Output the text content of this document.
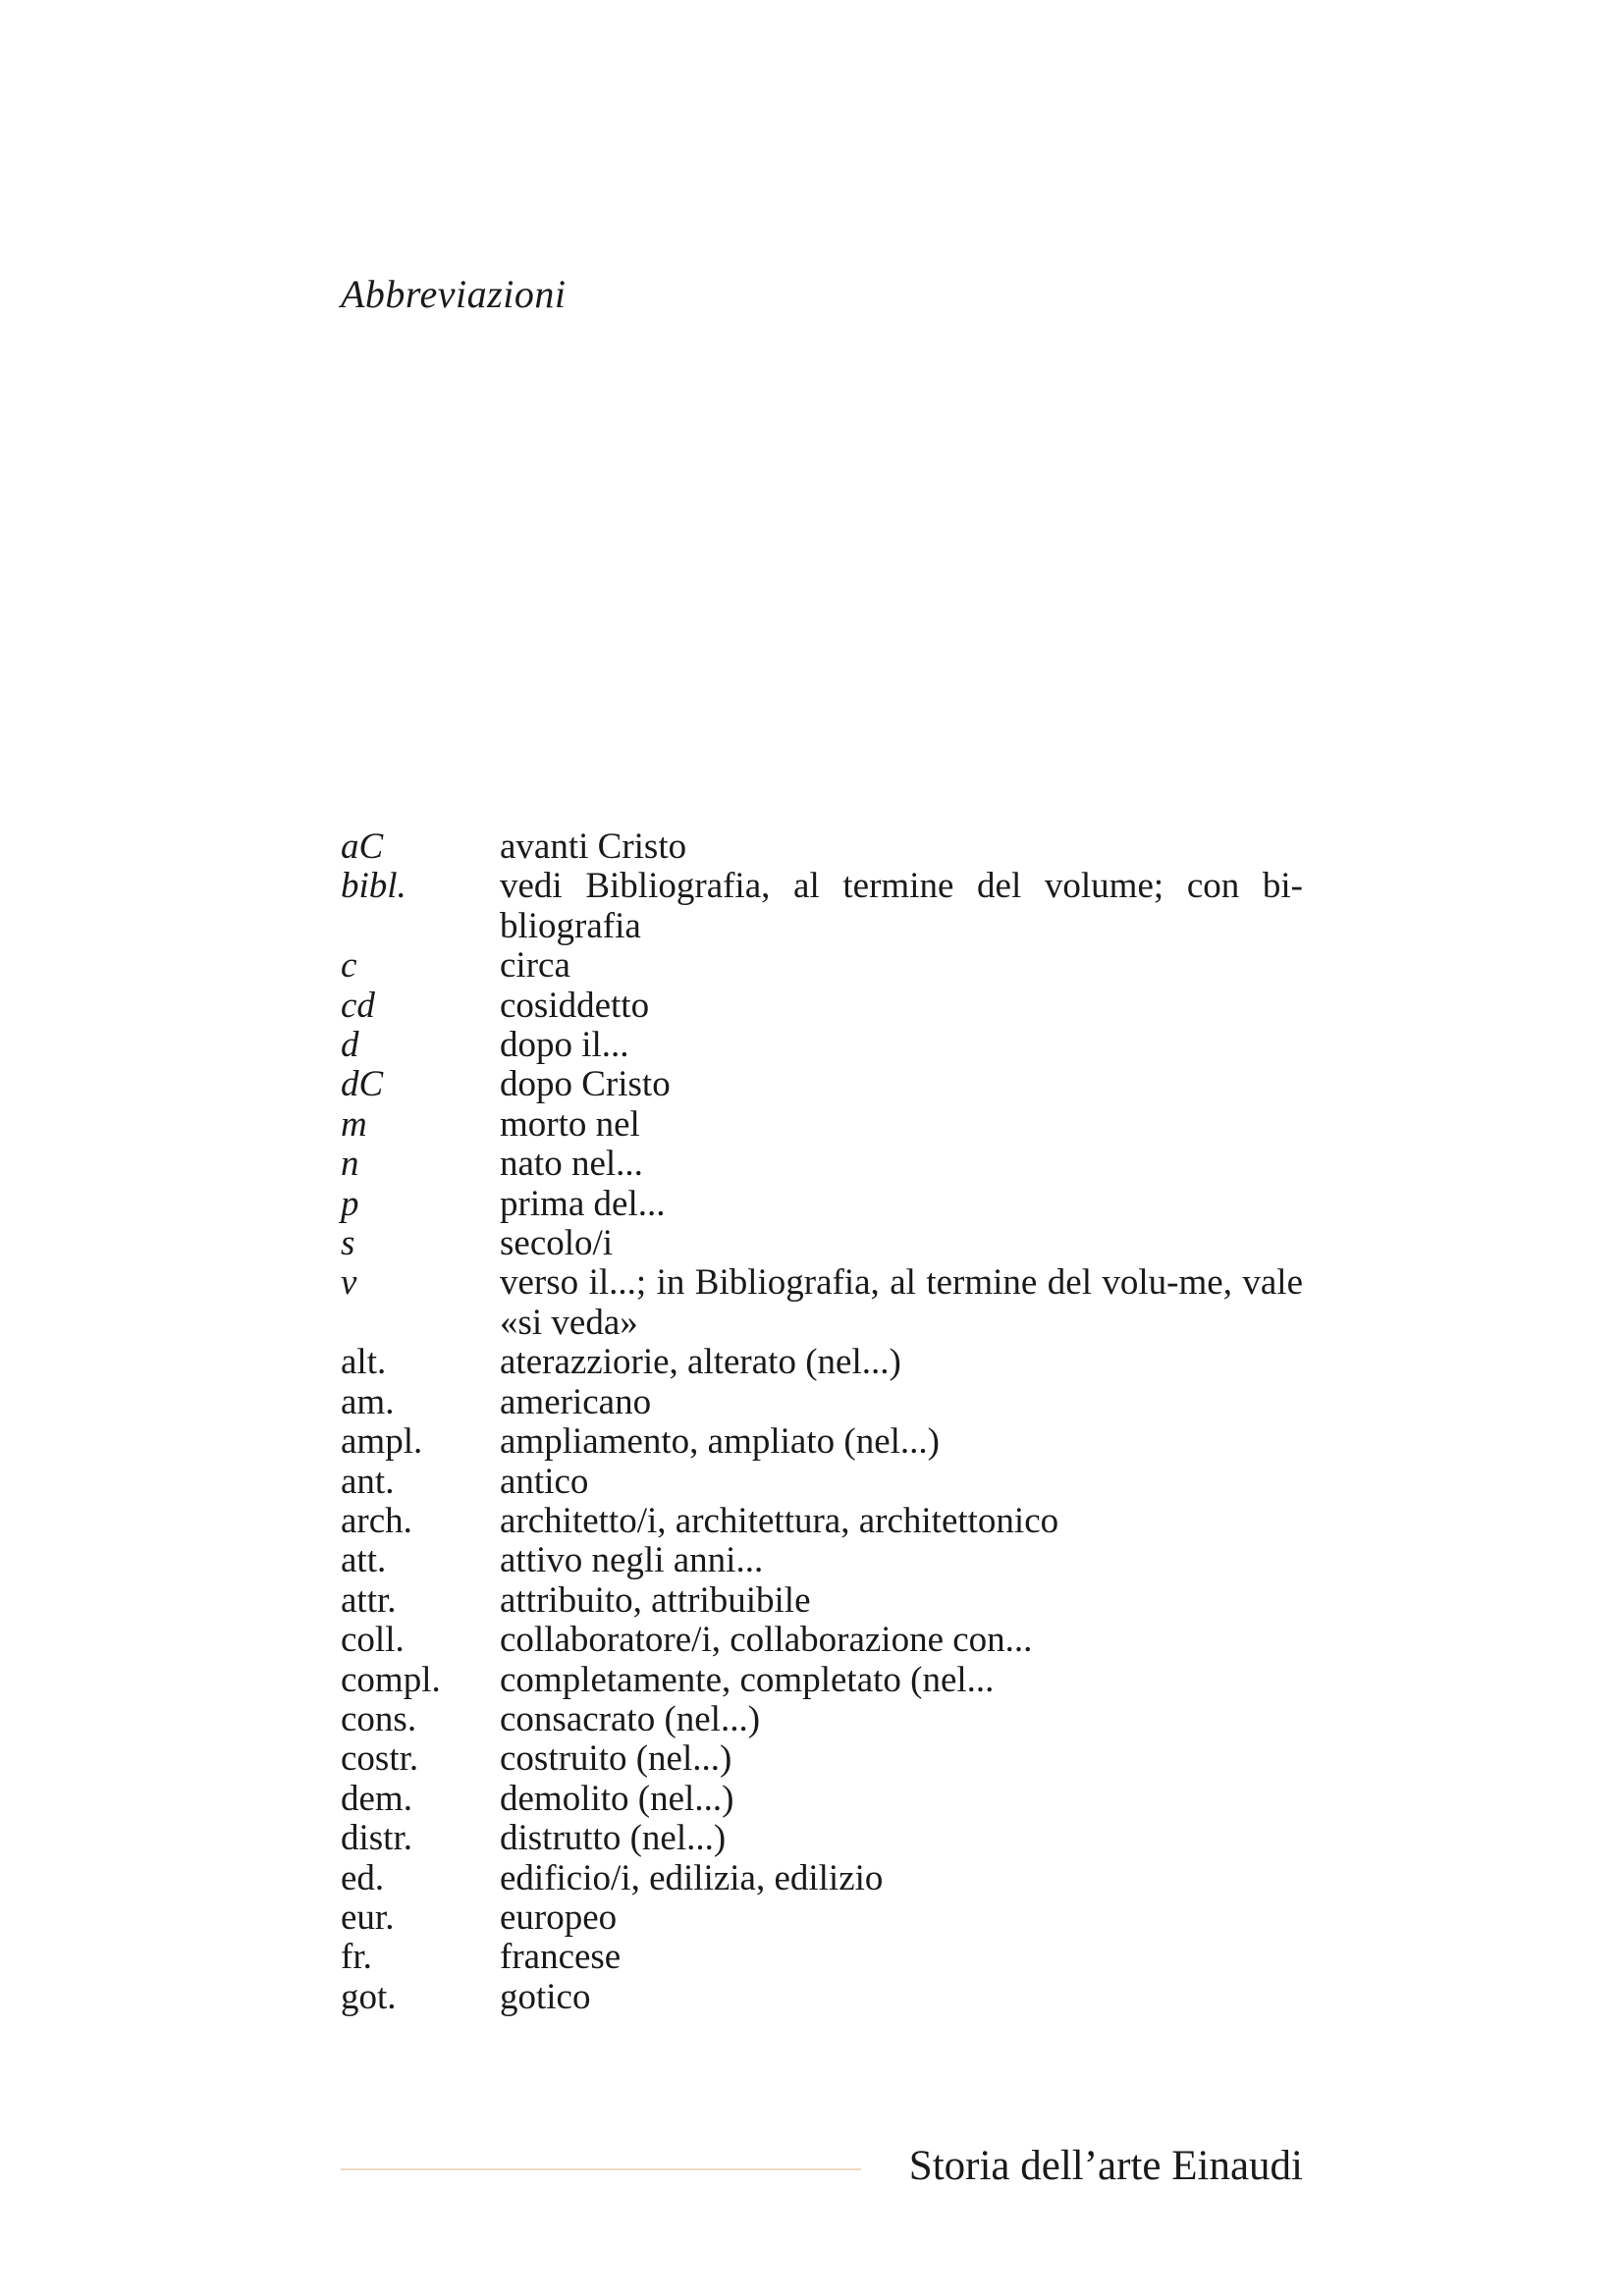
Abbreviazioni
aC	avanti Cristo
bibl.	vedi Bibliografia, al termine del volume; con bi-bliografia
c	circa
cd	cosiddetto
d	dopo il...
dC	dopo Cristo
m	morto nel
n	nato nel...
p	prima del...
s	secolo/i
v	verso il...; in Bibliografia, al termine del volu-me, vale «si veda»
alt.	aterazziorie, alterato (nel...)
am.	americano
ampl.	ampliamento, ampliato (nel...)
ant.	antico
arch.	architetto/i, architettura, architettonico
att.	attivo negli anni...
attr.	attribuito, attribuibile
coll.	collaboratore/i, collaborazione con...
compl.	completamente, completato (nel...
cons.	consacrato (nel...)
costr.	costruito (nel...)
dem.	demolito (nel...)
distr.	distrutto (nel...)
ed.	edificio/i, edilizia, edilizio
eur.	europeo
fr.	francese
got.	gotico
Storia dell’arte Einaudi
